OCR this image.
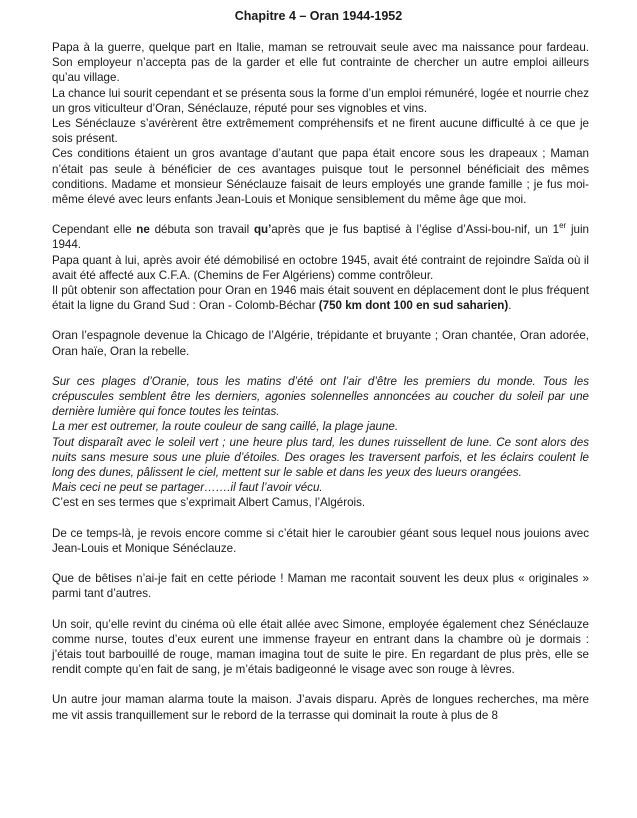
Chapitre 4 – Oran 1944-1952

Papa à la guerre, quelque part en Italie, maman se retrouvait seule avec ma naissance pour fardeau. Son employeur n’accepta pas de la garder et elle fut contrainte de chercher un autre emploi ailleurs qu’au village.

La chance lui sourit cependant et se présenta sous la forme d’un emploi rémunéré, logée et nourrie chez un gros viticulteur d’Oran, Sénéclauze, réputé pour ses vignobles et vins.

Les Sénéclauze s’avérèrent être extrêmement compréhensifs et ne firent aucune difficulté à ce que je sois présent.

Ces conditions étaient un gros avantage d’autant que papa était encore sous les drapeaux ; Maman n’était pas seule à bénéficier de ces avantages puisque tout le personnel bénéficiait des mêmes conditions. Madame et monsieur Sénéclauze faisait de leurs employés une grande famille ; je fus moi-même élevé avec leurs enfants Jean-Louis et Monique sensiblement du même âge que moi.

Cependant elle ne débuta son travail qu’après que je fus baptisé à l’église d’Assi-bou-nif, un 1er juin 1944.

Papa quant à lui, après avoir été démobilisé en octobre 1945, avait été contraint de rejoindre Saïda où il avait été affecté aux C.F.A. (Chemins de Fer Algériens) comme contrôleur.

Il pût obtenir son affectation pour Oran en 1946 mais était souvent en déplacement dont le plus fréquent était la ligne du Grand Sud : Oran - Colomb-Béchar (750 km dont 100 en sud saharien).

Oran l’espagnole devenue la Chicago de l’Algérie, trépidante et bruyante ; Oran chantée, Oran adorée, Oran haïe, Oran la rebelle.

Sur ces plages d’Oranie, tous les matins d’été ont l’air d’être les premiers du monde. Tous les crépuscules semblent être les derniers, agonies solennelles annoncées au coucher du soleil par une dernière lumière qui fonce toutes les teintas.

La mer est outremer, la route couleur de sang caillé, la plage jaune.

Tout disparaît avec le soleil vert ; une heure plus tard, les dunes ruissellent de lune. Ce sont alors des nuits sans mesure sous une pluie d’étoiles. Des orages les traversent parfois, et les éclairs coulent le long des dunes, pâlissent le ciel, mettent sur le sable et dans les yeux des lueurs orangées.

Mais ceci ne peut se partager…….il faut l’avoir vécu.

C’est en ses termes que s’exprimait Albert Camus, l’Algérois.

De ce temps-là, je revois encore comme si c’était hier le caroubier géant sous lequel nous jouions avec Jean-Louis et Monique Sénéclauze.

Que de bêtises n’ai-je fait en cette période ! Maman me racontait souvent les deux plus « originales » parmi tant d’autres.

Un soir, qu’elle revint du cinéma où elle était allée avec Simone, employée également chez Sénéclauze comme nurse, toutes d’eux eurent une immense frayeur en entrant dans la chambre où je dormais : j’étais tout barbouillé de rouge, maman imagina tout de suite le pire. En regardant de plus près, elle se rendit compte qu’en fait de sang, je m’étais badigeonné le visage avec son rouge à lèvres.

Un autre jour maman alarma toute la maison. J’avais disparu. Après de longues recherches, ma mère me vit assis tranquillement sur le rebord de la terrasse qui dominait la route à plus de 8
